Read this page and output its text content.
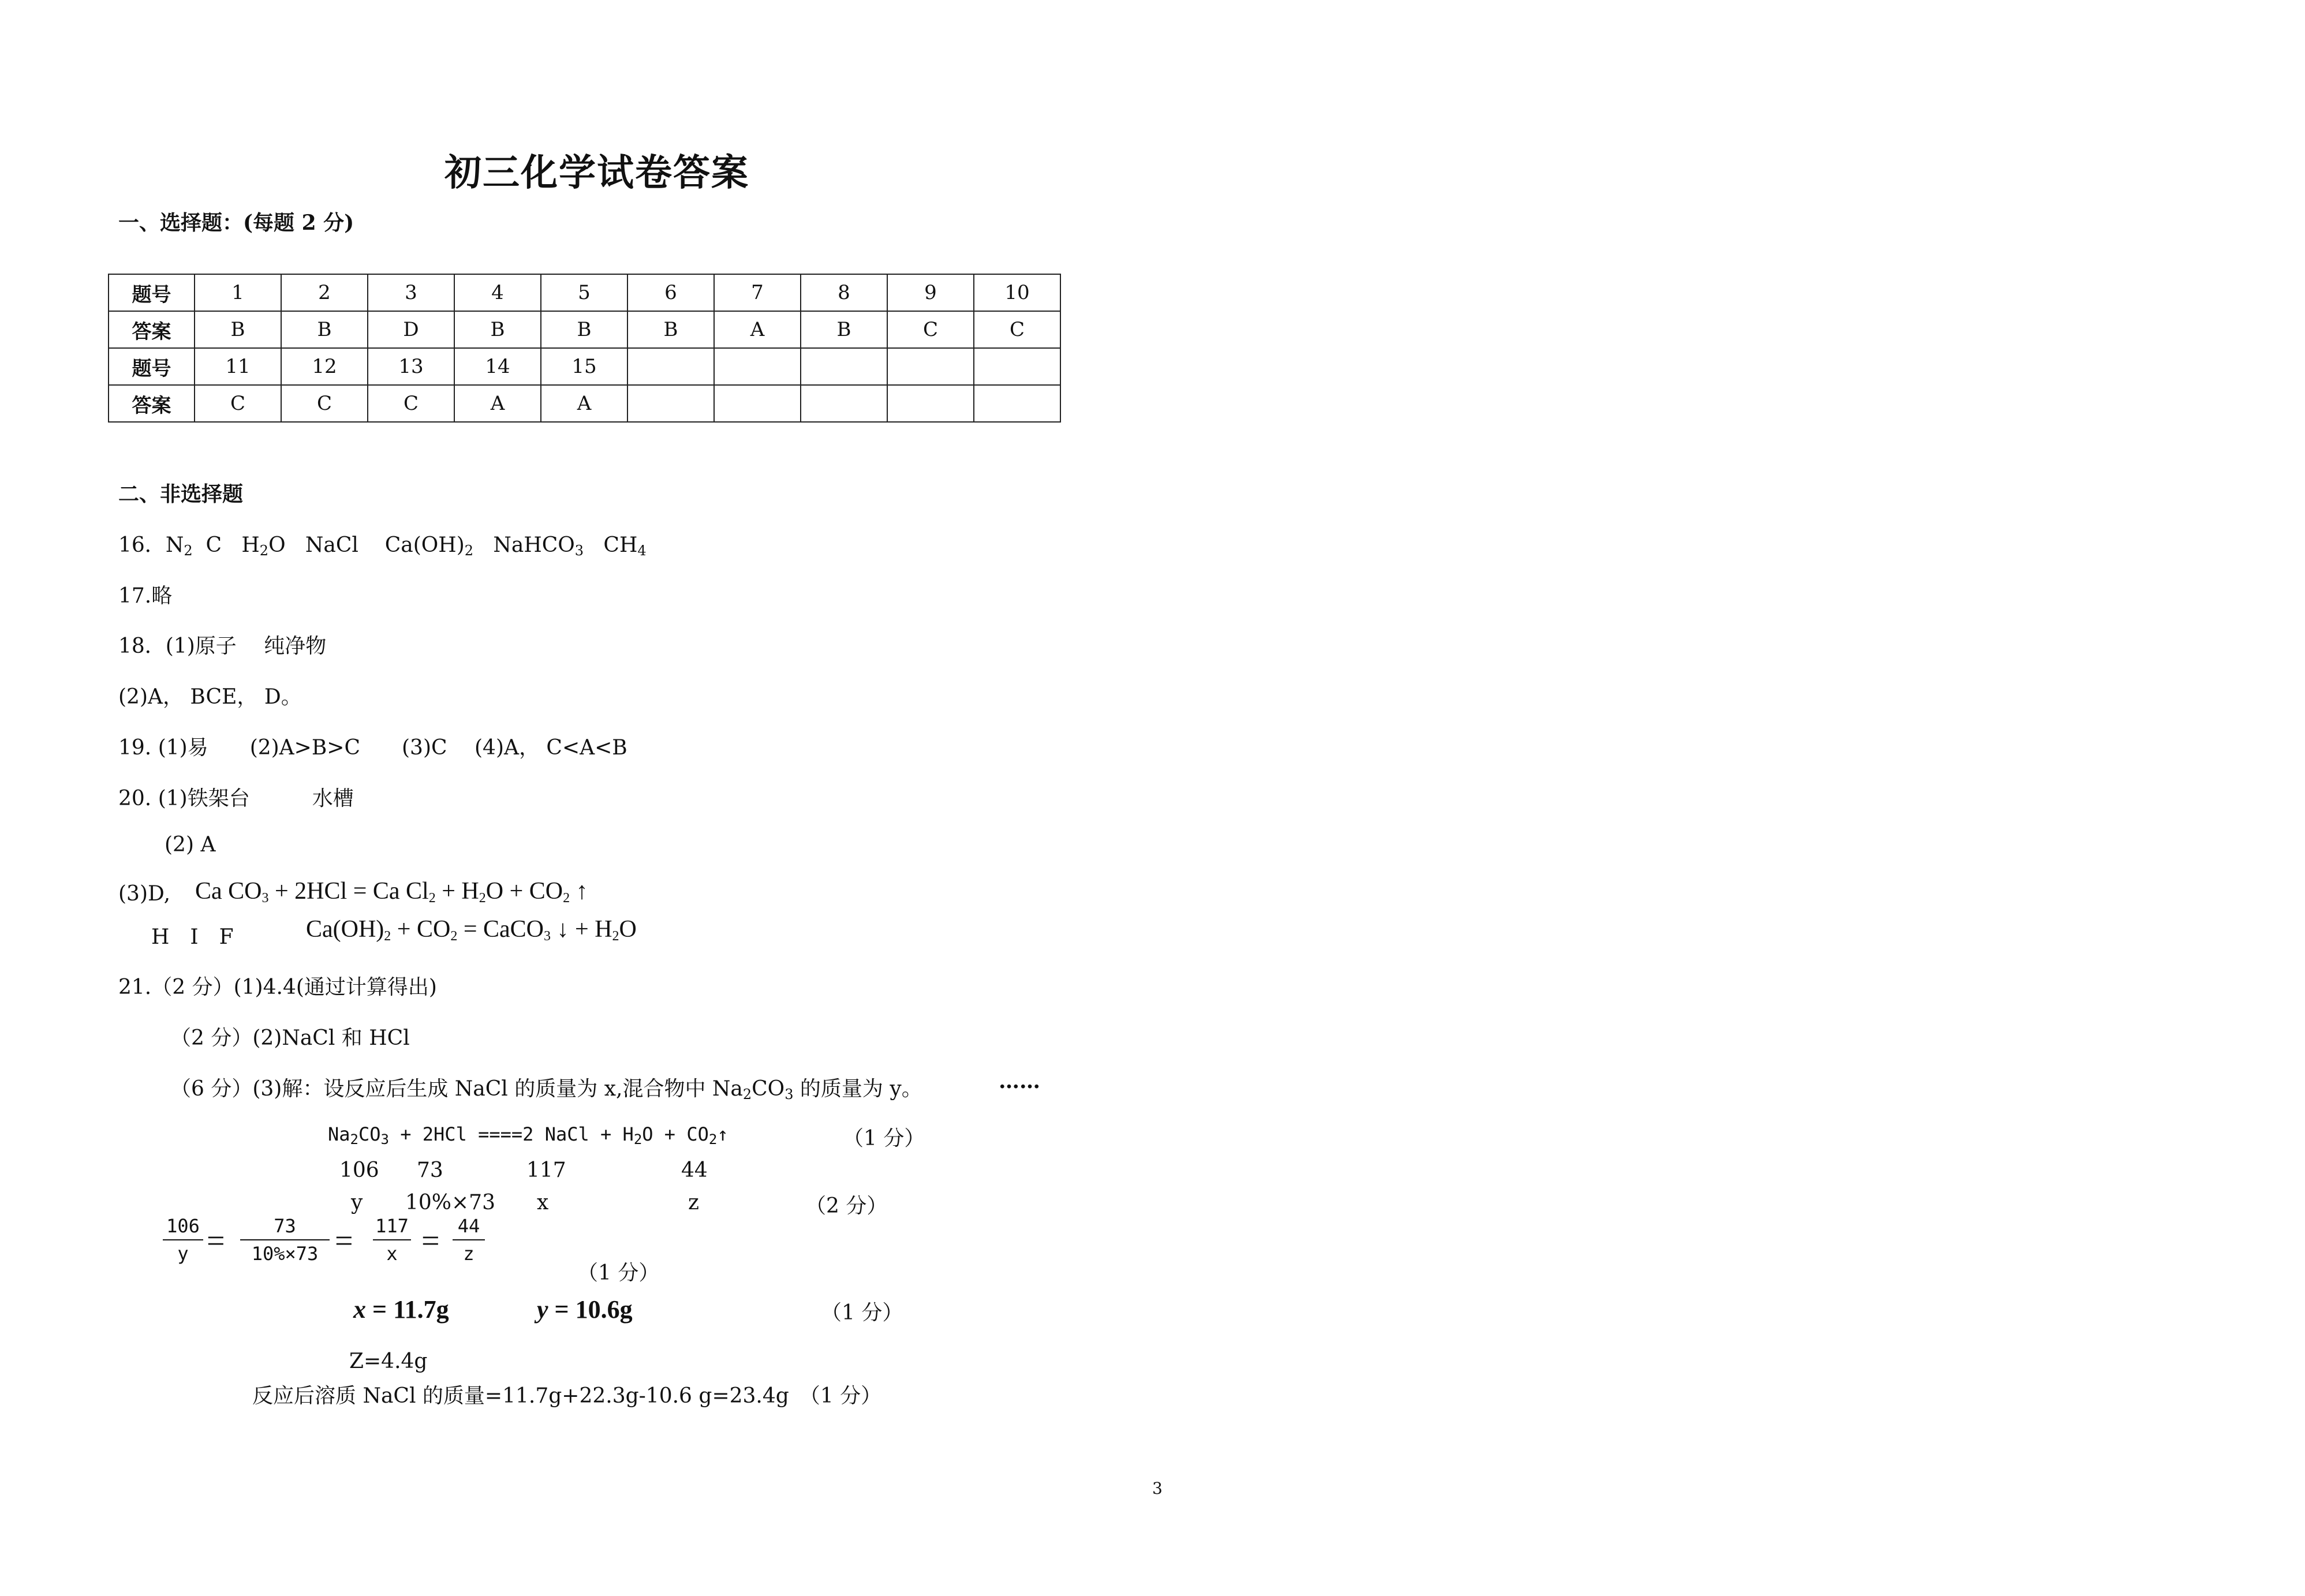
初三化学试卷答案
一、选择题：(每题 2 分)
题号	1	2	3	4	5	6	7	8	9	10
答案	B	B	D	B	B	B	A	B	C	C
题号	11	12	13	14	15					
答案	C	C	C	A	A					
二、非选择题
16．$N_2$ C $H_2O$ NaCl $Ca(OH)_2$ NaHCO$_3$ $CH_4$
17.略
18．(1)原子　 纯净物
(2)A， BCE， D。
19. (1)易　　(2)A>B>C　　(3)C　 (4)A， C<A<B
20. (1)铁架台　　　水槽
(2) A
(3)D, Ca $CO_3 + 2HCl = Ca$ $Cl_2 + H_2O + CO_2$ ↑
H　I　F	$Ca(OH)_2 + CO_2$ = CaCO$_3$ ↓ + $H_2O$
21.（2 分）(1)4.4(通过计算得出)
（2 分）(2)NaCl 和 HCl
（6 分）(3)解：设反应后生成 NaCl 的质量为 x,混合物中 $Na_2CO_3$ 的质量为 y。	……
$Na_2CO_3 + 2HCl ====2$ NaCl + $H_2O$ + $CO_2↑$	（1 分）
106 73	117	44
y 10%×73 x	z	（2 分）
106
y =	73
10%×73 = 117
x = 44
z
（1 分）
x = 11.7g	y = 10.6g	（1 分）
Z=4.4g
反应后溶质 NaCl 的质量=11.7g+22.3g-10.6 g=23.4g　（1 分）
3
